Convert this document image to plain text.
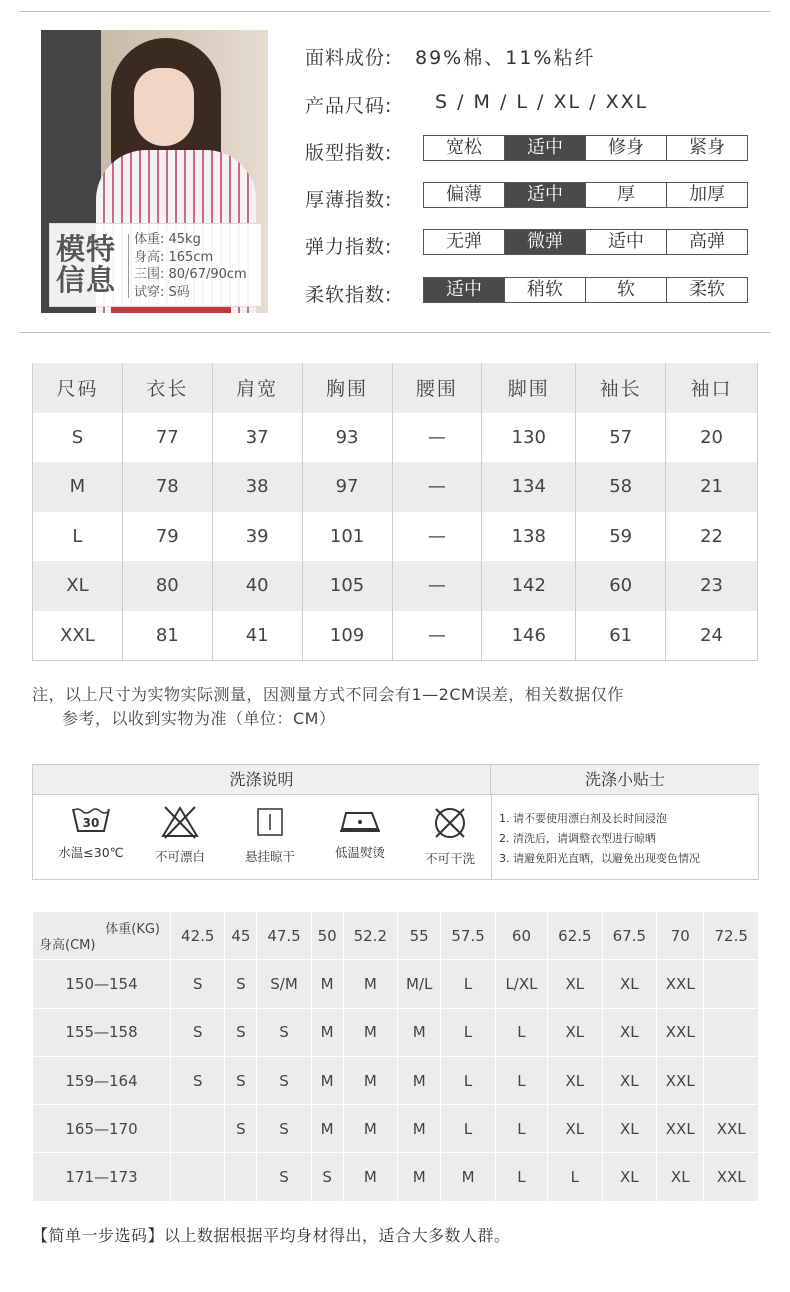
模特信息
体重: 45kg
身高: 165cm
三围: 80/67/90cm
试穿: S码
面料成份: 89%棉、11%粘纤
产品尺码: S / M / L / XL / XXL
版型指数:	宽松	适中	修身	紧身
厚薄指数:	偏薄	适中	厚	加厚
弹力指数:	无弹	微弹	适中	高弹
柔软指数:	适中	稍软	软	柔软
尺码	衣长	肩宽	胸围	腰围	脚围	袖长	袖口
S	77	37	93	—	130	57	20
M	78	38	97	—	134	58	21
L	79	39	101	—	138	59	22
XL	80	40	105	—	142	60	23
XXL	81	41	109	—	146	61	24
注，以上尺寸为实物实际测量，因测量方式不同会有1—2CM误差，相关数据仅作
参考，以收到实物为准（单位：CM）
洗涤说明	洗涤小贴士
30
水温≤30℃	不可漂白	悬挂晾干	低温熨烫	不可干洗
1. 请不要使用漂白剂及长时间浸泡
2. 清洗后，请调整衣型进行晾晒
3. 请避免阳光直晒，以避免出现变色情况
体重(KG)
身高(CM)	42.5	45	47.5	50	52.2	55	57.5	60	62.5	67.5	70	72.5
150—154	S	S	S/M	M	M	M/L	L	L/XL	XL	XL	XXL	
155—158	S	S	S	M	M	M	L	L	XL	XL	XXL	
159—164	S	S	S	M	M	M	L	L	XL	XL	XXL	
165—170		S	S	M	M	M	L	L	XL	XL	XXL	XXL
171—173			S	S	M	M	M	L	L	XL	XL	XXL
【简单一步选码】以上数据根据平均身材得出，适合大多数人群。
